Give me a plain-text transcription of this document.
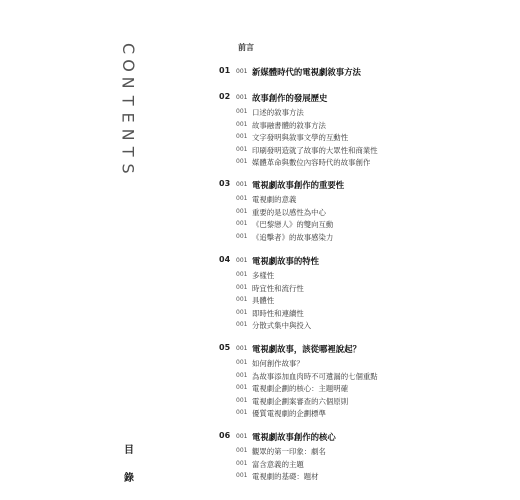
C
O
N
T
E
N
T
S
目
錄
前言
01 001 新媒體時代的電視劇敘事方法
02 001 故事創作的發展歷史
001 口述的敘事方法
001 故事融書體的敘事方法
001 文字發明與敘事文學的互動性
001 印刷發明造就了故事的大眾性和商業性
001 媒體革命與數位內容時代的故事創作
03 001 電視劇故事創作的重要性
001 電視劇的意義
001 重要的是以感性為中心
001 《巴黎戀人》的雙向互動
001 《追擊者》的故事感染力
04 001 電視劇故事的特性
001 多樣性
001 時宜性和流行性
001 具體性
001 即時性和連續性
001 分散式集中與投入
05 001 電視劇故事，該從哪裡說起？
001 如何創作故事？
001 為故事添加血肉時不可遺漏的七個重點
001 電視劇企劃的核心：主題明確
001 電視劇企劃案審查的六個原則
001 優質電視劇的企劃標準
06 001 電視劇故事創作的核心
001 觀眾的第一印象：劇名
001 富含意義的主題
001 電視劇的基礎：題材
